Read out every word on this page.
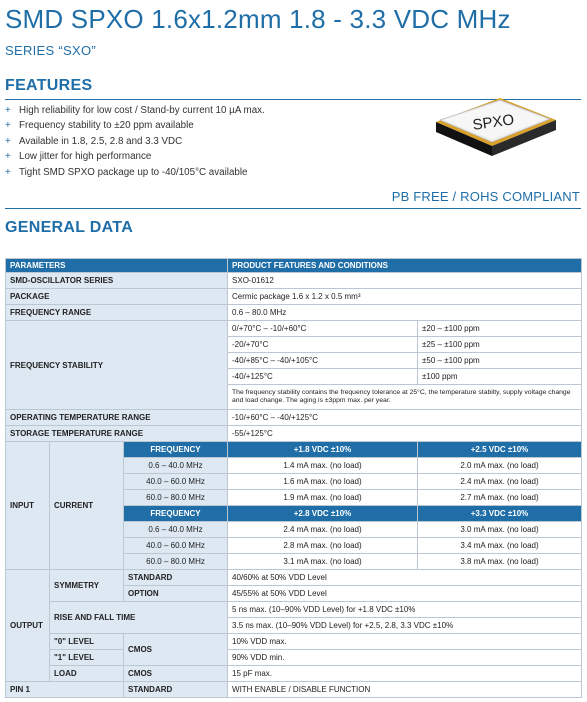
SMD SPXO 1.6x1.2mm 1.8 - 3.3 VDC MHz
SERIES “SXO”
FEATURES
+ High reliability for low cost / Stand-by current 10 µA max.
+ Frequency stability to ±20 ppm available
+ Available in 1.8, 2.5, 2.8 and 3.3 VDC
+ Low jitter for high performance
+ Tight SMD SPXO package up to -40/105°C available
SPXO
PB FREE / ROHS COMPLIANT
GENERAL DATA
PARAMETERS			PRODUCT FEATURES AND CONDITIONS	
SMD-OSCILLATOR SERIES			SXO-01612	
PACKAGE			Cermic package 1.6 x 1.2 x 0.5 mm³	
FREQUENCY RANGE			0.6 – 80.0 MHz	
FREQUENCY STABILITY			0/+70°C – -10/+60°C	±20 – ±100 ppm
			-20/+70°C	±25 – ±100 ppm
			-40/+85°C – -40/+105°C	±50 – ±100 ppm
			-40/+125°C	±100 ppm
			The frequency stability contains the frequency tolerance at 25°C, the temperature stabilty, supply voltage change and load change. The aging is ±3ppm max. per year.	
OPERATING TEMPERATURE RANGE			-10/+60°C – -40/+125°C	
STORAGE TEMPERATURE RANGE			-55/+125°C	
INPUT	CURRENT	FREQUENCY	+1.8 VDC ±10%	+2.5 VDC ±10%
		0.6 – 40.0 MHz	1.4 mA max. (no load)	2.0 mA max. (no load)
		40.0 – 60.0 MHz	1.6 mA max. (no load)	2.4 mA max. (no load)
		60.0 – 80.0 MHz	1.9 mA max. (no load)	2.7 mA max. (no load)
		FREQUENCY	+2.8 VDC ±10%	+3.3 VDC ±10%
		0.6 – 40.0 MHz	2.4 mA max. (no load)	3.0 mA max. (no load)
		40.0 – 60.0 MHz	2.8 mA max. (no load)	3.4 mA max. (no load)
		60.0 – 80.0 MHz	3.1 mA max. (no load)	3.8 mA max. (no load)
OUTPUT	SYMMETRY	STANDARD	40/60% at 50% VDD Level	
		OPTION	45/55% at 50% VDD Level	
	RISE AND FALL TIME		5 ns max. (10–90% VDD Level) for +1.8 VDC ±10%	
			3.5 ns max. (10–90% VDD Level) for +2.5, 2.8, 3.3 VDC ±10%	
	"0" LEVEL	CMOS	10% VDD max.	
	"1" LEVEL		90% VDD min.	
	LOAD	CMOS	15 pF max.	
PIN 1		STANDARD	WITH ENABLE / DISABLE FUNCTION	
